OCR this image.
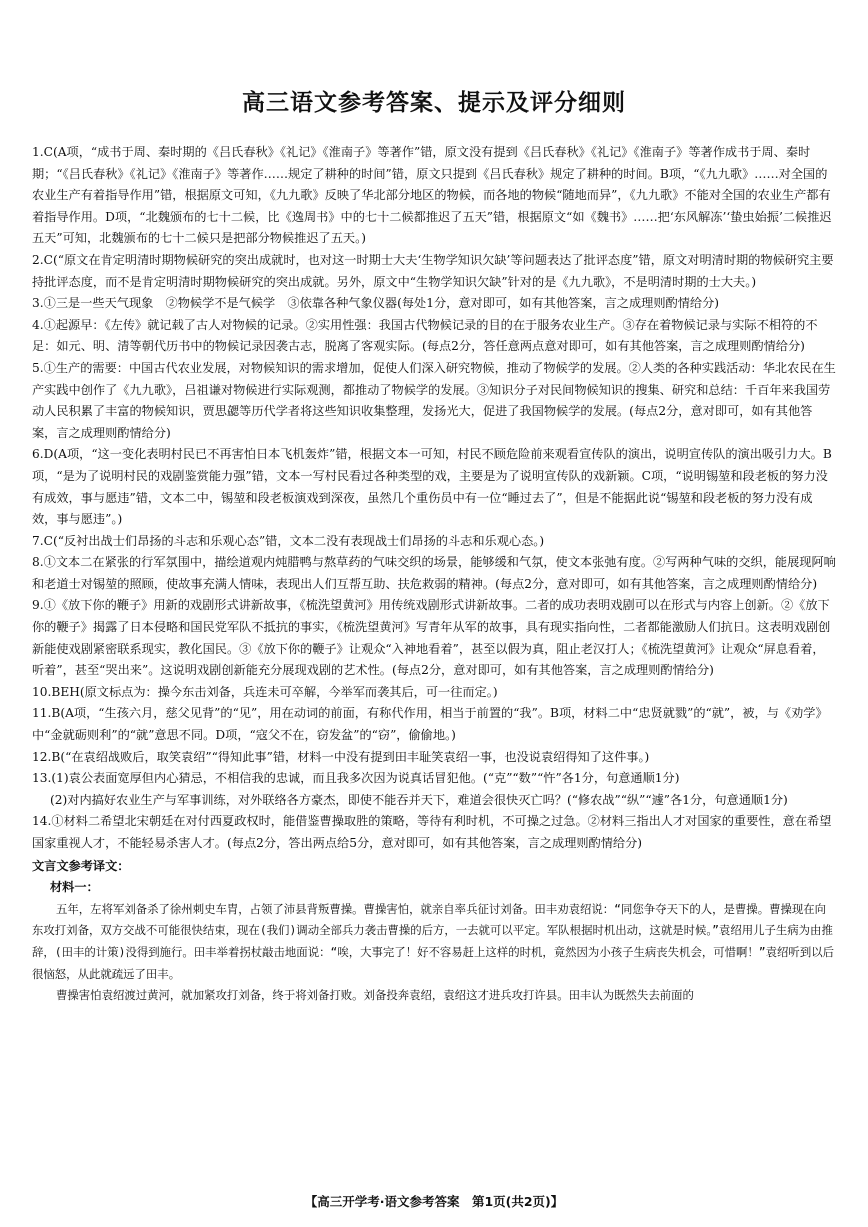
高三语文参考答案、提示及评分细则

1.C(A项，“成书于周、秦时期的《吕氏春秋》《礼记》《淮南子》等著作”错，原文没有提到《吕氏春秋》《礼记》《淮南子》等著作成书于周、秦时期；“《吕氏春秋》《礼记》《淮南子》等著作……规定了耕种的时间”错，原文只提到《吕氏春秋》规定了耕种的时间。B项，“《九九歌》……对全国的农业生产有着指导作用”错，根据原文可知，《九九歌》反映了华北部分地区的物候，而各地的物候“随地而异”，《九九歌》不能对全国的农业生产都有着指导作用。D项，“北魏颁布的七十二候，比《逸周书》中的七十二候都推迟了五天”错，根据原文“如《魏书》……把‘东风解冻’‘蛰虫始振’二候推迟五天”可知，北魏颁布的七十二候只是把部分物候推迟了五天。)

2.C(“原文在肯定明清时期物候研究的突出成就时，也对这一时期士大夫‘生物学知识欠缺’等问题表达了批评态度”错，原文对明清时期的物候研究主要持批评态度，而不是肯定明清时期物候研究的突出成就。另外，原文中“生物学知识欠缺”针对的是《九九歌》，不是明清时期的士大夫。)

3.①三是一些天气现象　②物候学不是气候学　③依靠各种气象仪器(每处1分，意对即可，如有其他答案，言之成理则酌情给分)

4.①起源早：《左传》就记载了古人对物候的记录。②实用性强：我国古代物候记录的目的在于服务农业生产。③存在着物候记录与实际不相符的不足：如元、明、清等朝代历书中的物候记录因袭古志，脱离了客观实际。(每点2分，答任意两点意对即可，如有其他答案，言之成理则酌情给分)

5.①生产的需要：中国古代农业发展，对物候知识的需求增加，促使人们深入研究物候，推动了物候学的发展。②人类的各种实践活动：华北农民在生产实践中创作了《九九歌》，吕祖谦对物候进行实际观测，都推动了物候学的发展。③知识分子对民间物候知识的搜集、研究和总结：千百年来我国劳动人民积累了丰富的物候知识，贾思勰等历代学者将这些知识收集整理，发扬光大，促进了我国物候学的发展。(每点2分，意对即可，如有其他答案，言之成理则酌情给分)

6.D(A项，“这一变化表明村民已不再害怕日本飞机轰炸”错，根据文本一可知，村民不顾危险前来观看宣传队的演出，说明宣传队的演出吸引力大。B项，“是为了说明村民的戏剧鉴赏能力强”错，文本一写村民看过各种类型的戏，主要是为了说明宣传队的戏新颖。C项，“说明锡堃和段老板的努力没有成效，事与愿违”错，文本二中，锡堃和段老板演戏到深夜，虽然几个重伤员中有一位“睡过去了”，但是不能据此说“锡堃和段老板的努力没有成效，事与愿违”。)

7.C(“反衬出战士们昂扬的斗志和乐观心态”错，文本二没有表现战士们昂扬的斗志和乐观心态。)

8.①文本二在紧张的行军氛围中，描绘道观内炖腊鸭与熬草药的气味交织的场景，能够缓和气氛，使文本张弛有度。②写两种气味的交织，能展现阿响和老道士对锡堃的照顾，使故事充满人情味，表现出人们互帮互助、扶危救弱的精神。(每点2分，意对即可，如有其他答案，言之成理则酌情给分)

9.①《放下你的鞭子》用新的戏剧形式讲新故事，《梳洗望黄河》用传统戏剧形式讲新故事。二者的成功表明戏剧可以在形式与内容上创新。②《放下你的鞭子》揭露了日本侵略和国民党军队不抵抗的事实，《梳洗望黄河》写青年从军的故事，具有现实指向性，二者都能激励人们抗日。这表明戏剧创新能使戏剧紧密联系现实，教化国民。③《放下你的鞭子》让观众“入神地看着”，甚至以假为真，阻止老汉打人；《梳洗望黄河》让观众“屏息看着，听着”，甚至“哭出来”。这说明戏剧创新能充分展现戏剧的艺术性。(每点2分，意对即可，如有其他答案，言之成理则酌情给分)

10.BEH(原文标点为：操今东击刘备，兵连未可卒解，今举军而袭其后，可一往而定。)

11.B(A项，“生孩六月，慈父见背”的“见”，用在动词的前面，有称代作用，相当于前置的“我”。B项，材料二中“忠贤就戮”的“就”，被，与《劝学》中“金就砺则利”的“就”意思不同。D项，“寇父不在，窃发盆”的“窃”，偷偷地。)

12.B(“在袁绍战败后，取笑袁绍”“得知此事”错，材料一中没有提到田丰耻笑袁绍一事，也没说袁绍得知了这件事。)

13.(1)袁公表面宽厚但内心猜忌，不相信我的忠诚，而且我多次因为说真话冒犯他。(“克”“数”“忤”各1分，句意通顺1分)

(2)对内搞好农业生产与军事训练，对外联络各方豪杰，即使不能吞并天下，难道会很快灭亡吗？(“修农战”“纵”“遽”各1分，句意通顺1分)

14.①材料二希望北宋朝廷在对付西夏政权时，能借鉴曹操取胜的策略，等待有利时机，不可操之过急。②材料三指出人才对国家的重要性，意在希望国家重视人才，不能轻易杀害人才。(每点2分，答出两点给5分，意对即可，如有其他答案，言之成理则酌情给分)

文言文参考译文：
材料一：

五年，左将军刘备杀了徐州刺史车胄，占领了沛县背叛曹操。曹操害怕，就亲自率兵征讨刘备。田丰劝袁绍说：“同您争夺天下的人，是曹操。曹操现在向东攻打刘备，双方交战不可能很快结束，现在(我们)调动全部兵力袭击曹操的后方，一去就可以平定。军队根据时机出动，这就是时候。”袁绍用儿子生病为由推辞，(田丰的计策)没得到施行。田丰举着拐杖敲击地面说：“唉，大事完了！好不容易赶上这样的时机，竟然因为小孩子生病丧失机会，可惜啊！”袁绍听到以后很恼怒，从此就疏远了田丰。

曹操害怕袁绍渡过黄河，就加紧攻打刘备，终于将刘备打败。刘备投奔袁绍，袁绍这才进兵攻打许县。田丰认为既然失去前面的

【高三开学考·语文参考答案　第1页(共2页)】
